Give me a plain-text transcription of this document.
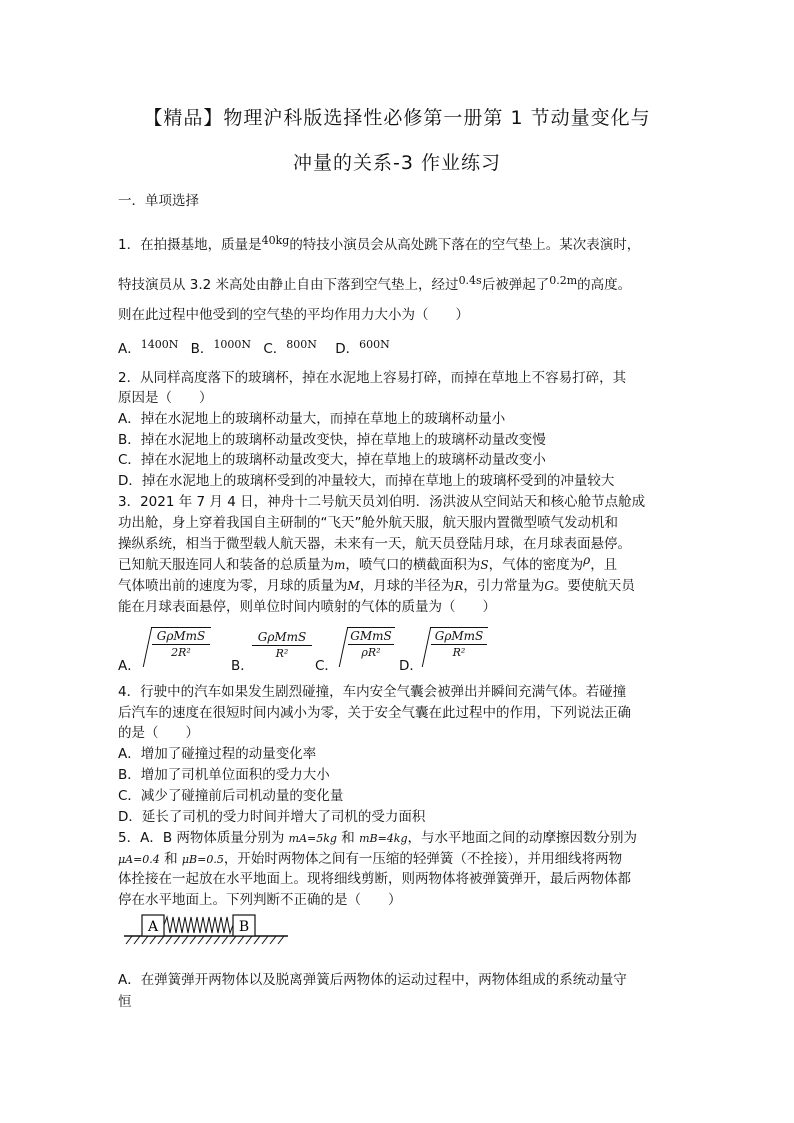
【精品】物理沪科版选择性必修第一册第 1 节动量变化与
冲量的关系-3 作业练习
一．单项选择
1．在拍摄基地，质量是$^{40kg}$的特技小演员会从高处跳下落在的空气垫上。某次表演时，
特技演员从 3.2 米高处由静止自由下落到空气垫上，经过$^{0.4s}$后被弹起了$^{0.2m}$的高度。
则在此过程中他受到的空气垫的平均作用力大小为（　　）
A．$^{1400N}$ B．$^{1000N}$ C．$^{800N}$ D．$^{600N}$
2．从同样高度落下的玻璃杯，掉在水泥地上容易打碎，而掉在草地上不容易打碎，其
原因是（　　）
A．掉在水泥地上的玻璃杯动量大，而掉在草地上的玻璃杯动量小
B．掉在水泥地上的玻璃杯动量改变快，掉在草地上的玻璃杯动量改变慢
C．掉在水泥地上的玻璃杯动量改变大，掉在草地上的玻璃杯动量改变小
D．掉在水泥地上的玻璃杯受到的冲量较大，而掉在草地上的玻璃杯受到的冲量较大
3．2021 年 7 月 4 日，神舟十二号航天员刘伯明．汤洪波从空间站天和核心舱节点舱成
功出舱，身上穿着我国自主研制的“飞天”舱外航天服，航天服内置微型喷气发动机和
操纵系统，相当于微型载人航天器，未来有一天，航天员登陆月球，在月球表面悬停。
已知航天服连同人和装备的总质量为m，喷气口的横截面积为S，气体的密度为ρ，且
气体喷出前的速度为零，月球的质量为M，月球的半径为R，引力常量为G。要使航天员
能在月球表面悬停，则单位时间内喷射的气体的质量为（　　）
A．
GρMmS
2R²
B．
GρMmS
R²
C．
GMmS
ρR²
D．
GρMmS
R²
4．行驶中的汽车如果发生剧烈碰撞，车内安全气囊会被弹出并瞬间充满气体。若碰撞
后汽车的速度在很短时间内减小为零，关于安全气囊在此过程中的作用，下列说法正确
的是（　　）
A．增加了碰撞过程的动量变化率
B．增加了司机单位面积的受力大小
C．减少了碰撞前后司机动量的变化量
D．延长了司机的受力时间并增大了司机的受力面积
5．A．B 两物体质量分别为 mA=5kg 和 mB=4kg，与水平地面之间的动摩擦因数分别为
μA=0.4 和 μB=0.5，开始时两物体之间有一压缩的轻弹簧（不拴接），并用细线将两物
体拴接在一起放在水平地面上。现将细线剪断，则两物体将被弹簧弹开，最后两物体都
停在水平地面上。下列判断不正确的是（　　）
A	B
A．在弹簧弹开两物体以及脱离弹簧后两物体的运动过程中，两物体组成的系统动量守
恒
